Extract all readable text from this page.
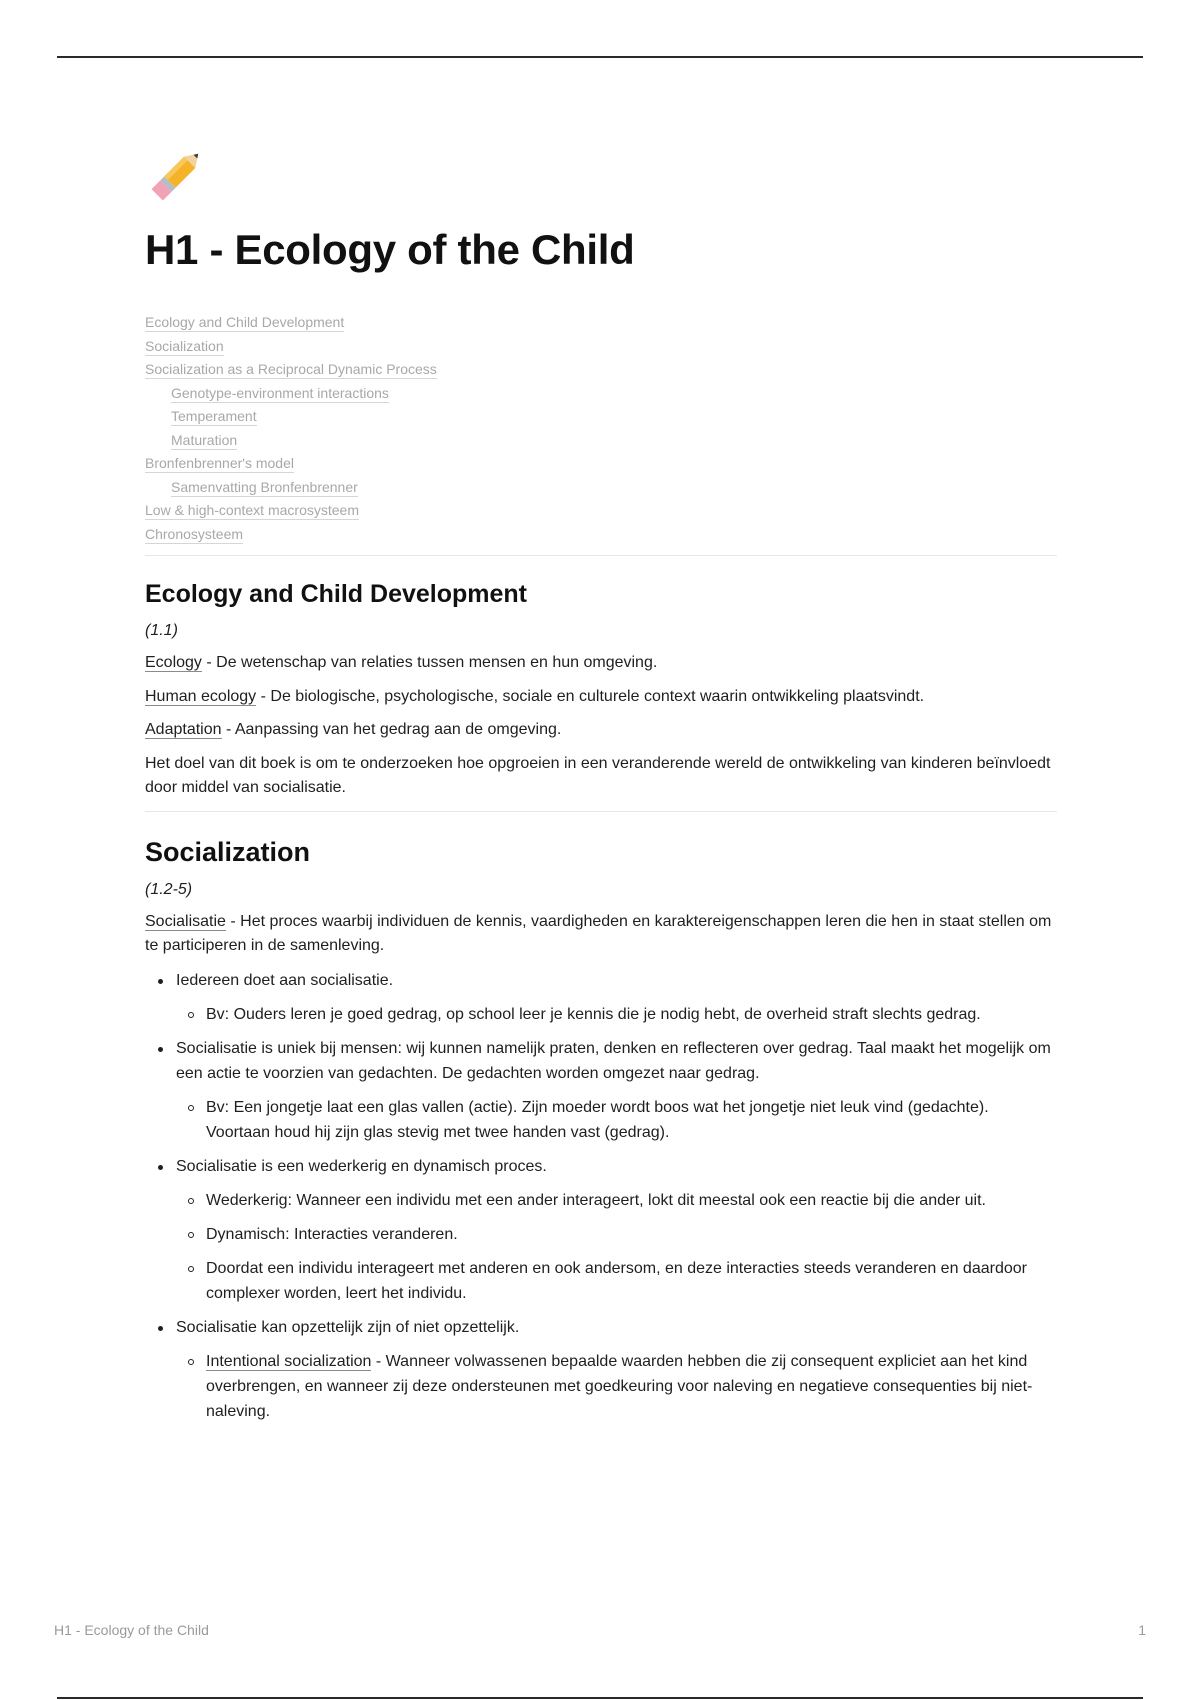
H1 - Ecology of the Child
Ecology and Child Development
Socialization
Socialization as a Reciprocal Dynamic Process
Genotype-environment interactions
Temperament
Maturation
Bronfenbrenner's model
Samenvatting Bronfenbrenner
Low & high-context macrosysteem
Chronosysteem
Ecology and Child Development
(1.1)

Ecology - De wetenschap van relaties tussen mensen en hun omgeving.

Human ecology - De biologische, psychologische, sociale en culturele context waarin ontwikkeling plaatsvindt.

Adaptation - Aanpassing van het gedrag aan de omgeving.

Het doel van dit boek is om te onderzoeken hoe opgroeien in een veranderende wereld de ontwikkeling van kinderen beïnvloedt door middel van socialisatie.

Socialization
(1.2-5)

Socialisatie - Het proces waarbij individuen de kennis, vaardigheden en karaktereigenschappen leren die hen in staat stellen om te participeren in de samenleving.

Iedereen doet aan socialisatie.
Bv: Ouders leren je goed gedrag, op school leer je kennis die je nodig hebt, de overheid straft slechts gedrag.
Socialisatie is uniek bij mensen: wij kunnen namelijk praten, denken en reflecteren over gedrag. Taal maakt het mogelijk om een actie te voorzien van gedachten. De gedachten worden omgezet naar gedrag.
Bv: Een jongetje laat een glas vallen (actie). Zijn moeder wordt boos wat het jongetje niet leuk vind (gedachte). Voortaan houd hij zijn glas stevig met twee handen vast (gedrag).
Socialisatie is een wederkerig en dynamisch proces.
Wederkerig: Wanneer een individu met een ander interageert, lokt dit meestal ook een reactie bij die ander uit.
Dynamisch: Interacties veranderen.
Doordat een individu interageert met anderen en ook andersom, en deze interacties steeds veranderen en daardoor complexer worden, leert het individu.
Socialisatie kan opzettelijk zijn of niet opzettelijk.
Intentional socialization - Wanneer volwassenen bepaalde waarden hebben die zij consequent expliciet aan het kind overbrengen, en wanneer zij deze ondersteunen met goedkeuring voor naleving en negatieve consequenties bij niet-naleving.
H1 - Ecology of the Child	1
